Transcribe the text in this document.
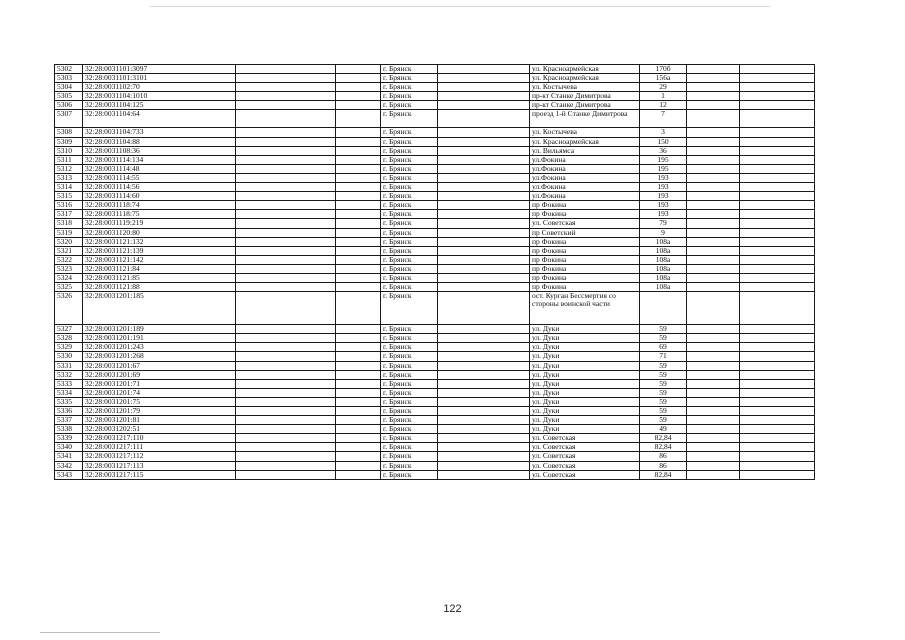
5302	32:28:0031101:3097			г. Брянск		ул. Красноармейская	170б		
5303	32:28:0031101:3101			г. Брянск		ул. Красноармейская	156а		
5304	32:28:0031102:70			г. Брянск		ул. Костычева	29		
5305	32:28:0031104:1010			г. Брянск		пр-кт Станке Димитрова	1		
5306	32:28:0031104:125			г. Брянск		пр-кт Станке Димитрова	12		
5307	32:28:0031104:64			г. Брянск		проезд 1-й Станке Димитрова	7		
5308	32:28:0031104:733			г. Брянск		ул. Костычева	3		
5309	32:28:0031104:88			г. Брянск		ул. Красноармейская	150		
5310	32:28:0031108:36			г. Брянск		ул. Вильямса	36		
5311	32:28:0031114:134			г. Брянск		ул.Фокина	195		
5312	32:28:0031114:48			г. Брянск		ул.Фокина	195		
5313	32:28:0031114:55			г. Брянск		ул.Фокина	193		
5314	32:28:0031114:56			г. Брянск		ул.Фокина	193		
5315	32:28:0031114:60			г. Брянск		ул.Фокина	193		
5316	32:28:0031118:74			г. Брянск		пр Фокина	193		
5317	32:28:0031118:75			г. Брянск		пр Фокина	193		
5318	32:28:0031119:219			г. Брянск		ул. Советская	79		
5319	32:28:0031120:80			г. Брянск		пр Советский	9		
5320	32:28:0031121:132			г. Брянск		пр Фокина	108а		
5321	32:28:0031121:139			г. Брянск		пр Фокина	108а		
5322	32:28:0031121:142			г. Брянск		пр Фокина	108а		
5323	32:28:0031121:84			г. Брянск		пр Фокина	108а		
5324	32:28:0031121:85			г. Брянск		пр Фокина	108а		
5325	32:28:0031121:88			г. Брянск		пр Фокина	108а		
5326	32:28:0031201:185			г. Брянск		ост. Курган Бессмертия со стороны воинской части			
5327	32:28:0031201:189			г. Брянск		ул. Дуки	59		
5328	32:28:0031201:191			г. Брянск		ул. Дуки	59		
5329	32:28:0031201:243			г. Брянск		ул. Дуки	69		
5330	32:28:0031201:268			г. Брянск		ул. Дуки	71		
5331	32:28:0031201:67			г. Брянск		ул. Дуки	59		
5332	32:28:0031201:69			г. Брянск		ул. Дуки	59		
5333	32:28:0031201:71			г. Брянск		ул. Дуки	59		
5334	32:28:0031201:74			г. Брянск		ул. Дуки	59		
5335	32:28:0031201:75			г. Брянск		ул. Дуки	59		
5336	32:28:0031201:79			г. Брянск		ул. Дуки	59		
5337	32:28:0031201:81			г. Брянск		ул. Дуки	59		
5338	32:28:0031202:51			г. Брянск		ул. Дуки	49		
5339	32:28:0031217:110			г. Брянск		ул. Советская	82,84		
5340	32:28:0031217:111			г. Брянск		ул. Советская	82,84		
5341	32:28:0031217:112			г. Брянск		ул. Советская	86		
5342	32:28:0031217:113			г. Брянск		ул. Советская	86		
5343	32:28:0031217:115			г. Брянск		ул. Советская	82,84		
122
